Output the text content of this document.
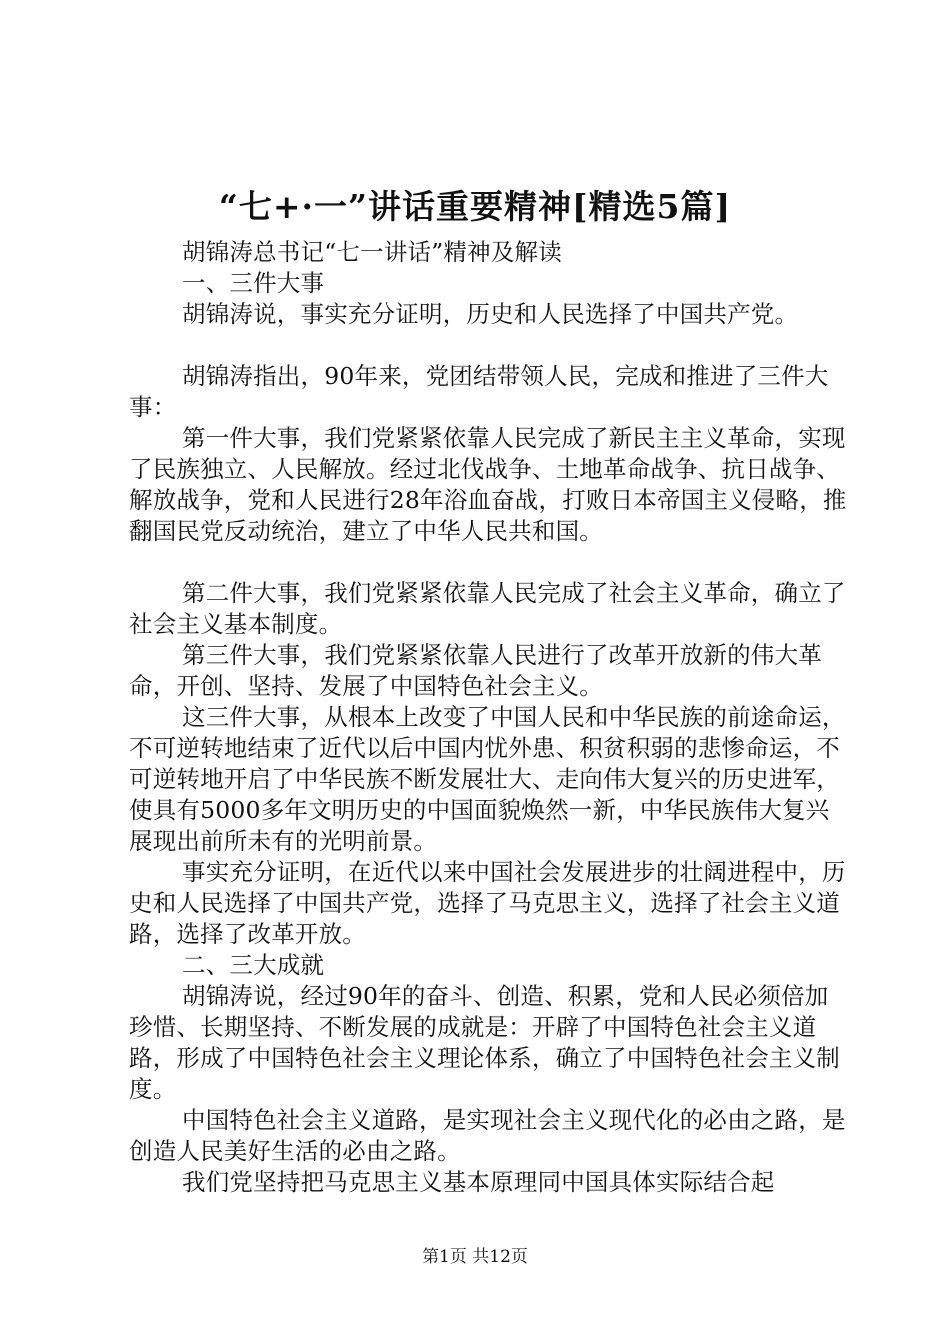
“七+·一”讲话重要精神[精选5篇]

胡锦涛总书记“七一讲话”精神及解读

一、三件大事

胡锦涛说，事实充分证明，历史和人民选择了中国共产党。

胡锦涛指出，90年来，党团结带领人民，完成和推进了三件大事：

第一件大事，我们党紧紧依靠人民完成了新民主主义革命，实现了民族独立、人民解放。经过北伐战争、土地革命战争、抗日战争、解放战争，党和人民进行28年浴血奋战，打败日本帝国主义侵略，推翻国民党反动统治，建立了中华人民共和国。

第二件大事，我们党紧紧依靠人民完成了社会主义革命，确立了社会主义基本制度。

第三件大事，我们党紧紧依靠人民进行了改革开放新的伟大革命，开创、坚持、发展了中国特色社会主义。

这三件大事，从根本上改变了中国人民和中华民族的前途命运，不可逆转地结束了近代以后中国内忧外患、积贫积弱的悲惨命运，不可逆转地开启了中华民族不断发展壮大、走向伟大复兴的历史进军，使具有5000多年文明历史的中国面貌焕然一新，中华民族伟大复兴展现出前所未有的光明前景。

事实充分证明，在近代以来中国社会发展进步的壮阔进程中，历史和人民选择了中国共产党，选择了马克思主义，选择了社会主义道路，选择了改革开放。

二、三大成就

胡锦涛说，经过90年的奋斗、创造、积累，党和人民必须倍加珍惜、长期坚持、不断发展的成就是：开辟了中国特色社会主义道路，形成了中国特色社会主义理论体系，确立了中国特色社会主义制度。

中国特色社会主义道路，是实现社会主义现代化的必由之路，是创造人民美好生活的必由之路。

我们党坚持把马克思主义基本原理同中国具体实际结合起

第1页 共12页
